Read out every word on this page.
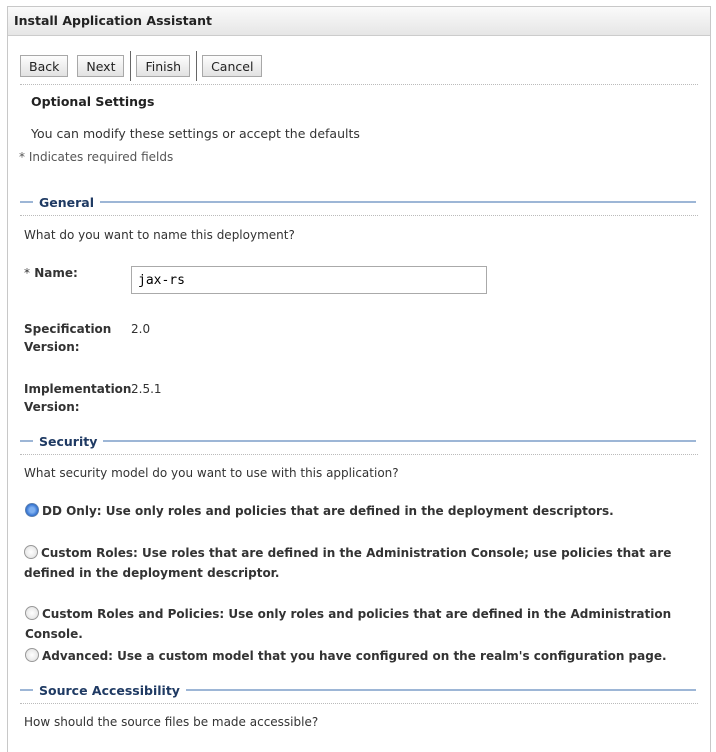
Install Application Assistant
Back	Next	Finish	Cancel
Optional Settings
You can modify these settings or accept the defaults
* Indicates required fields
General
What do you want to name this deployment?
* Name:
jax-rs
Specification Version:
2.0
Implementation Version:
2.5.1
Security
What security model do you want to use with this application?
DD Only: Use only roles and policies that are defined in the deployment descriptors.
Custom Roles: Use roles that are defined in the Administration Console; use policies that are defined in the deployment descriptor.
Custom Roles and Policies: Use only roles and policies that are defined in the Administration Console.
Advanced: Use a custom model that you have configured on the realm's configuration page.
Source Accessibility
How should the source files be made accessible?
